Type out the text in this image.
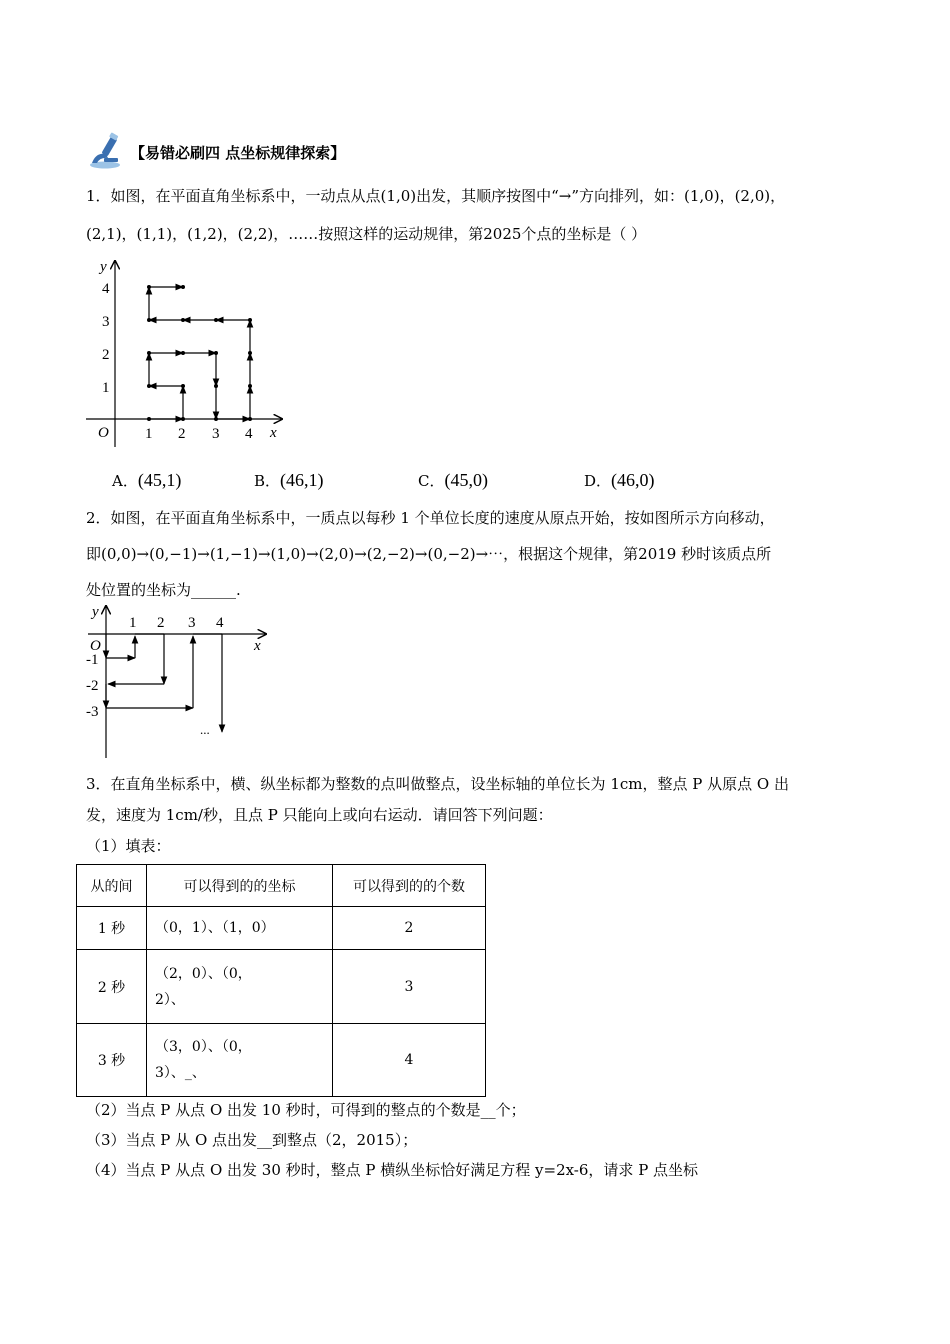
【易错必刷四 点坐标规律探索】
1．如图，在平面直角坐标系中，一动点从点(1,0)出发，其顺序按图中“→”方向排列，如：(1,0)，(2,0)，
(2,1)，(1,1)，(1,2)，(2,2)，……按照这样的运动规律，第2025个点的坐标是（ ）
y
x
O 1 2 3 4
1
2
3
4
A．(45,1)	B．(46,1)	C．(45,0)	D．(46,0)
2．如图，在平面直角坐标系中，一质点以每秒 1 个单位长度的速度从原点开始，按如图所示方向移动，
即(0,0)→(0,−1)→(1,−1)→(1,0)→(2,0)→(2,−2)→(0,−2)→⋯，根据这个规律，第2019 秒时该质点所
处位置的坐标为______.
y
x
O
1 2 3 4
-1
-2
-3
...
3．在直角坐标系中，横、纵坐标都为整数的点叫做整点，设坐标轴的单位长为 1cm，整点 P 从原点 O 出
发，速度为 1cm/秒，且点 P 只能向上或向右运动．请回答下列问题：
（1）填表：
从的间	可以得到的的坐标	可以得到的的个数
1 秒	（0，1）、（1，0）	2
2 秒	（2，0）、（0，
2）、	3
3 秒	（3，0）、（0，
3）、_、	4
（2）当点 P 从点 O 出发 10 秒时，可得到的整点的个数是__个；
（3）当点 P 从 O 点出发__到整点（2，2015）；
（4）当点 P 从点 O 出发 30 秒时，整点 P 横纵坐标恰好满足方程 y=2x-6，请求 P 点坐标
